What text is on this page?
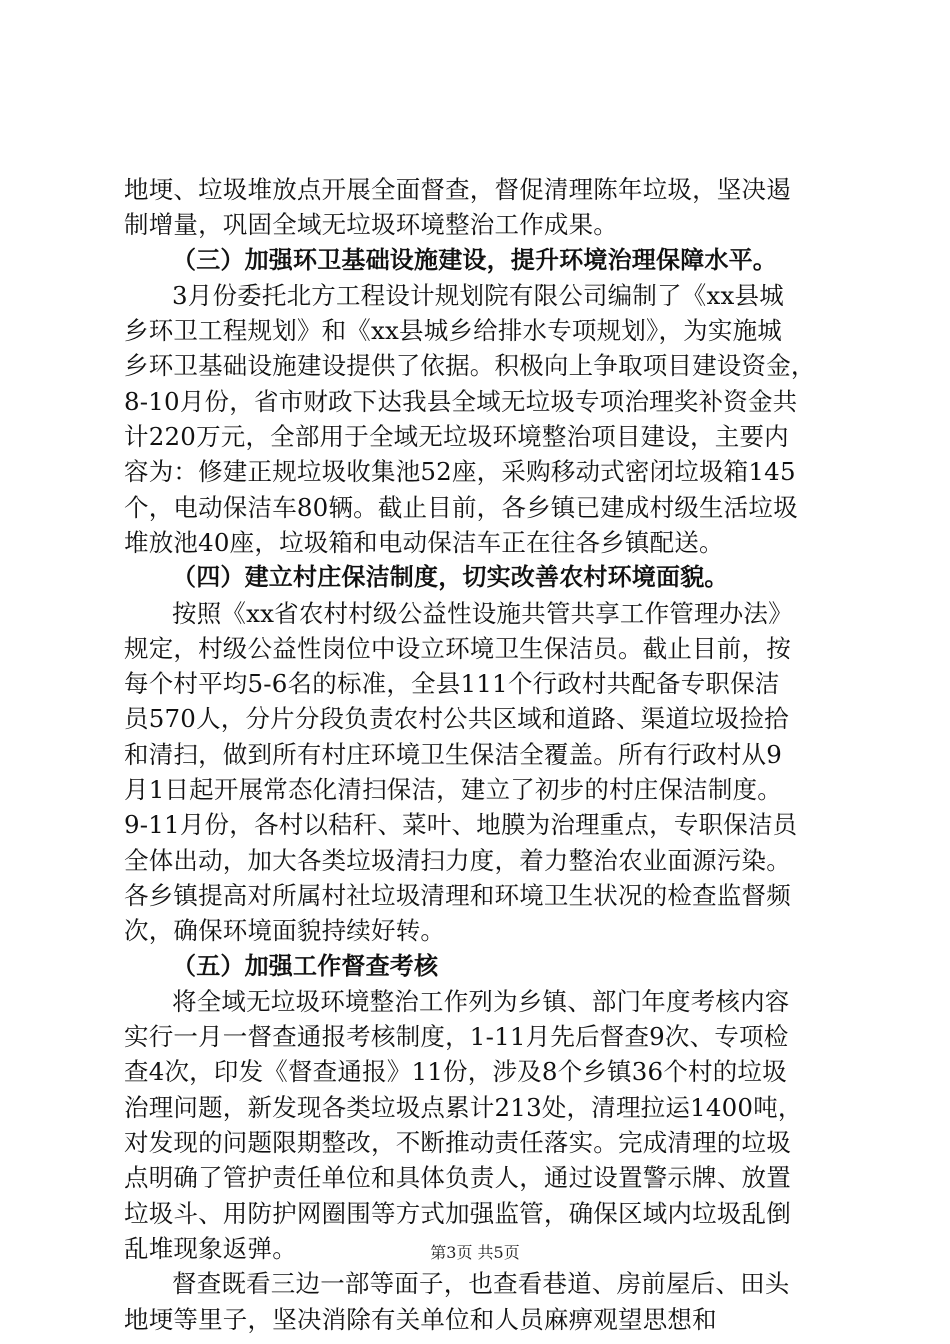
地埂、垃圾堆放点开展全面督查，督促清理陈年垃圾，坚决遏
制增量，巩固全域无垃圾环境整治工作成果。
（三）加强环卫基础设施建设，提升环境治理保障水平。
3月份委托北方工程设计规划院有限公司编制了《xx县城
乡环卫工程规划》和《xx县城乡给排水专项规划》，为实施城
乡环卫基础设施建设提供了依据。积极向上争取项目建设资金，
8-10月份，省市财政下达我县全域无垃圾专项治理奖补资金共
计220万元，全部用于全域无垃圾环境整治项目建设，主要内
容为：修建正规垃圾收集池52座，采购移动式密闭垃圾箱145
个，电动保洁车80辆。截止目前，各乡镇已建成村级生活垃圾
堆放池40座，垃圾箱和电动保洁车正在往各乡镇配送。
（四）建立村庄保洁制度，切实改善农村环境面貌。
按照《xx省农村村级公益性设施共管共享工作管理办法》
规定，村级公益性岗位中设立环境卫生保洁员。截止目前，按
每个村平均5-6名的标准，全县111个行政村共配备专职保洁
员570人，分片分段负责农村公共区域和道路、渠道垃圾捡拾
和清扫，做到所有村庄环境卫生保洁全覆盖。所有行政村从9
月1日起开展常态化清扫保洁，建立了初步的村庄保洁制度。
9-11月份，各村以秸秆、菜叶、地膜为治理重点，专职保洁员
全体出动，加大各类垃圾清扫力度，着力整治农业面源污染。
各乡镇提高对所属村社垃圾清理和环境卫生状况的检查监督频
次，确保环境面貌持续好转。
（五）加强工作督查考核
将全域无垃圾环境整治工作列为乡镇、部门年度考核内容
实行一月一督查通报考核制度，1-11月先后督查9次、专项检
查4次，印发《督查通报》11份，涉及8个乡镇36个村的垃圾
治理问题，新发现各类垃圾点累计213处，清理拉运1400吨，
对发现的问题限期整改，不断推动责任落实。完成清理的垃圾
点明确了管护责任单位和具体负责人，通过设置警示牌、放置
垃圾斗、用防护网圈围等方式加强监管，确保区域内垃圾乱倒
乱堆现象返弹。
督查既看三边一部等面子，也查看巷道、房前屋后、田头
地埂等里子，坚决消除有关单位和人员麻痹观望思想和
第3页 共5页
